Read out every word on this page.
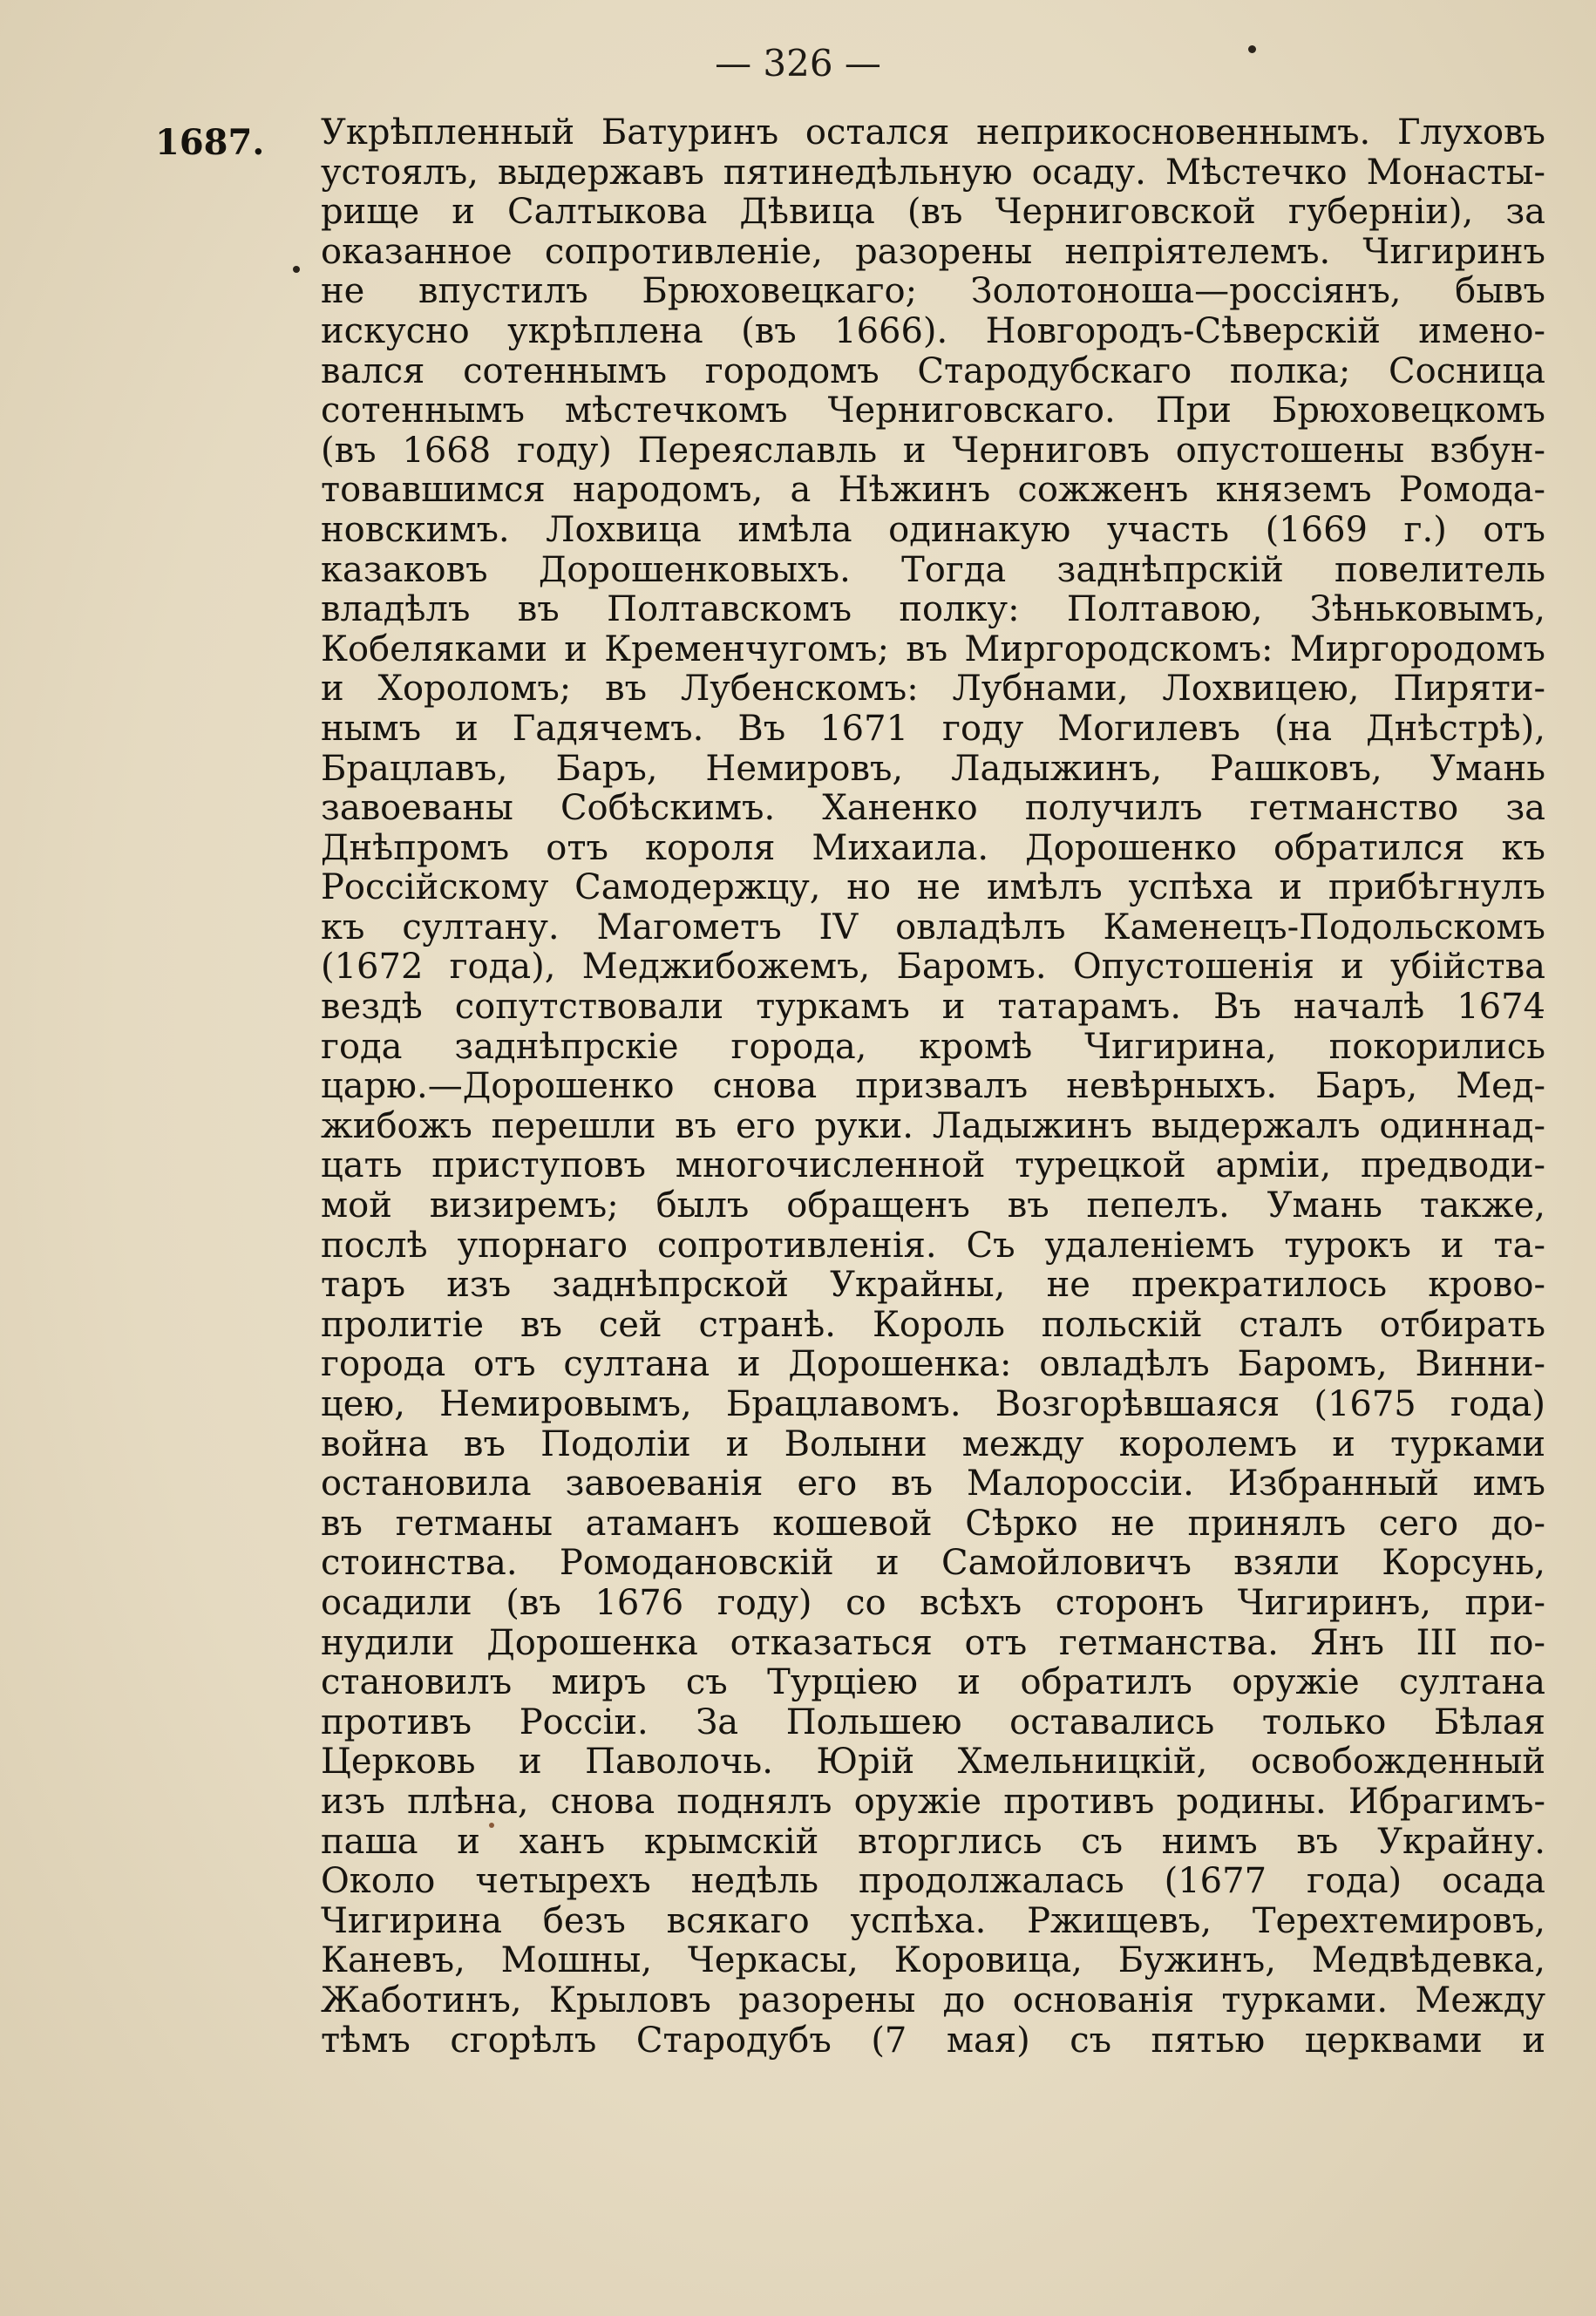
— 326 —
1687. Укрѣпленный Батуринъ остался неприкосновеннымъ. Глуховъ
устоялъ, выдержавъ пятинедѣльную осаду. Мѣстечко Монасты-
рище и Салтыкова Дѣвица (въ Черниговской губерніи), за
оказанное сопротивленіе, разорены непріятелемъ. Чигиринъ
не впустилъ Брюховецкаго; Золотоноша—россіянъ, бывъ
искусно укрѣплена (въ 1666). Новгородъ-Сѣверскій имено-
вался сотеннымъ городомъ Стародубскаго полка; Сосница
сотеннымъ мѣстечкомъ Черниговскаго. При Брюховецкомъ
(въ 1668 году) Переяславль и Черниговъ опустошены взбун-
товавшимся народомъ, а Нѣжинъ сожженъ княземъ Ромода-
новскимъ. Лохвица имѣла одинакую участь (1669 г.) отъ
казаковъ Дорошенковыхъ. Тогда заднѣпрскій повелитель
владѣлъ въ Полтавскомъ полку: Полтавою, Зѣньковымъ,
Кобеляками и Кременчугомъ; въ Миргородскомъ: Миргородомъ
и Хороломъ; въ Лубенскомъ: Лубнами, Лохвицею, Пиряти-
нымъ и Гадячемъ. Въ 1671 году Могилевъ (на Днѣстрѣ),
Брацлавъ, Баръ, Немировъ, Ладыжинъ, Рашковъ, Умань
завоеваны Собѣскимъ. Ханенко получилъ гетманство за
Днѣпромъ отъ короля Михаила. Дорошенко обратился къ
Россійскому Самодержцу, но не имѣлъ успѣха и прибѣгнулъ
къ султану. Магометъ IV овладѣлъ Каменецъ-Подольскомъ
(1672 года), Меджибожемъ, Баромъ. Опустошенія и убійства
вездѣ сопутствовали туркамъ и татарамъ. Въ началѣ 1674
года заднѣпрскіе города, кромѣ Чигирина, покорились
царю.—Дорошенко снова призвалъ невѣрныхъ. Баръ, Мед-
жибожъ перешли въ его руки. Ладыжинъ выдержалъ одиннад-
цать приступовъ многочисленной турецкой арміи, предводи-
мой визиремъ; былъ обращенъ въ пепелъ. Умань также,
послѣ упорнаго сопротивленія. Съ удаленіемъ турокъ и та-
таръ изъ заднѣпрской Украйны, не прекратилось крово-
пролитіе въ сей странѣ. Король польскій сталъ отбирать
города отъ султана и Дорошенка: овладѣлъ Баромъ, Винни-
цею, Немировымъ, Брацлавомъ. Возгорѣвшаяся (1675 года)
война въ Подоліи и Волыни между королемъ и турками
остановила завоеванія его въ Малороссіи. Избранный имъ
въ гетманы атаманъ кошевой Сѣрко не принялъ сего до-
стоинства. Ромодановскій и Самойловичъ взяли Корсунь,
осадили (въ 1676 году) со всѣхъ сторонъ Чигиринъ, при-
нудили Дорошенка отказаться отъ гетманства. Янъ III по-
становилъ миръ съ Турціею и обратилъ оружіе султана
противъ Россіи. За Польшею оставались только Бѣлая
Церковь и Паволочь. Юрій Хмельницкій, освобожденный
изъ плѣна, снова поднялъ оружіе противъ родины. Ибрагимъ-
паша и ханъ крымскій вторглись съ нимъ въ Украйну.
Около четырехъ недѣль продолжалась (1677 года) осада
Чигирина безъ всякаго успѣха. Ржищевъ, Терехтемировъ,
Каневъ, Мошны, Черкасы, Коровица, Бужинъ, Медвѣдевка,
Жаботинъ, Крыловъ разорены до основанія турками. Между
тѣмъ сгорѣлъ Стародубъ (7 мая) съ пятью церквами и
